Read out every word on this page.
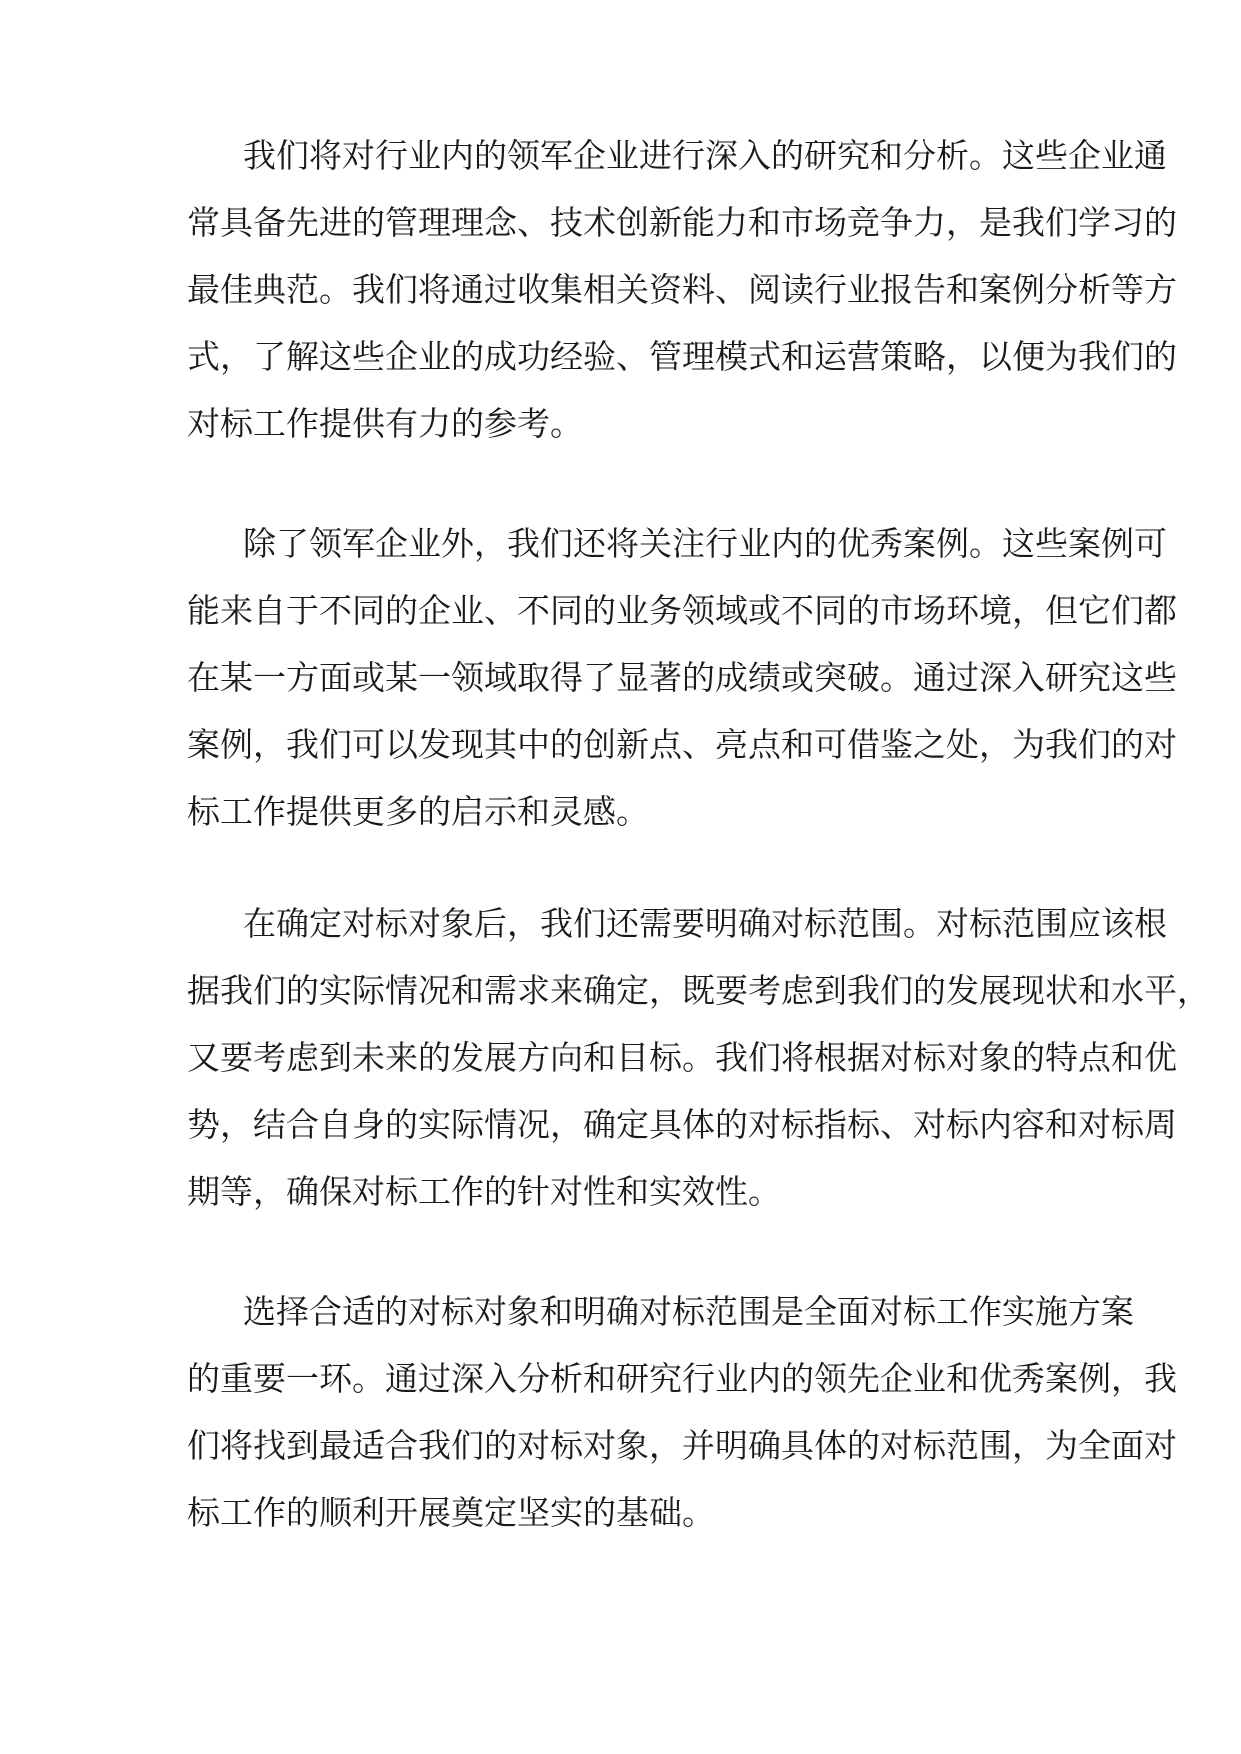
我们将对行业内的领军企业进行深入的研究和分析。这些企业通
常具备先进的管理理念、技术创新能力和市场竞争力，是我们学习的
最佳典范。我们将通过收集相关资料、阅读行业报告和案例分析等方
式，了解这些企业的成功经验、管理模式和运营策略，以便为我们的
对标工作提供有力的参考。
除了领军企业外，我们还将关注行业内的优秀案例。这些案例可
能来自于不同的企业、不同的业务领域或不同的市场环境，但它们都
在某一方面或某一领域取得了显著的成绩或突破。通过深入研究这些
案例，我们可以发现其中的创新点、亮点和可借鉴之处，为我们的对
标工作提供更多的启示和灵感。
在确定对标对象后，我们还需要明确对标范围。对标范围应该根
据我们的实际情况和需求来确定，既要考虑到我们的发展现状和水平，
又要考虑到未来的发展方向和目标。我们将根据对标对象的特点和优
势，结合自身的实际情况，确定具体的对标指标、对标内容和对标周
期等，确保对标工作的针对性和实效性。
选择合适的对标对象和明确对标范围是全面对标工作实施方案
的重要一环。通过深入分析和研究行业内的领先企业和优秀案例，我
们将找到最适合我们的对标对象，并明确具体的对标范围，为全面对
标工作的顺利开展奠定坚实的基础。
